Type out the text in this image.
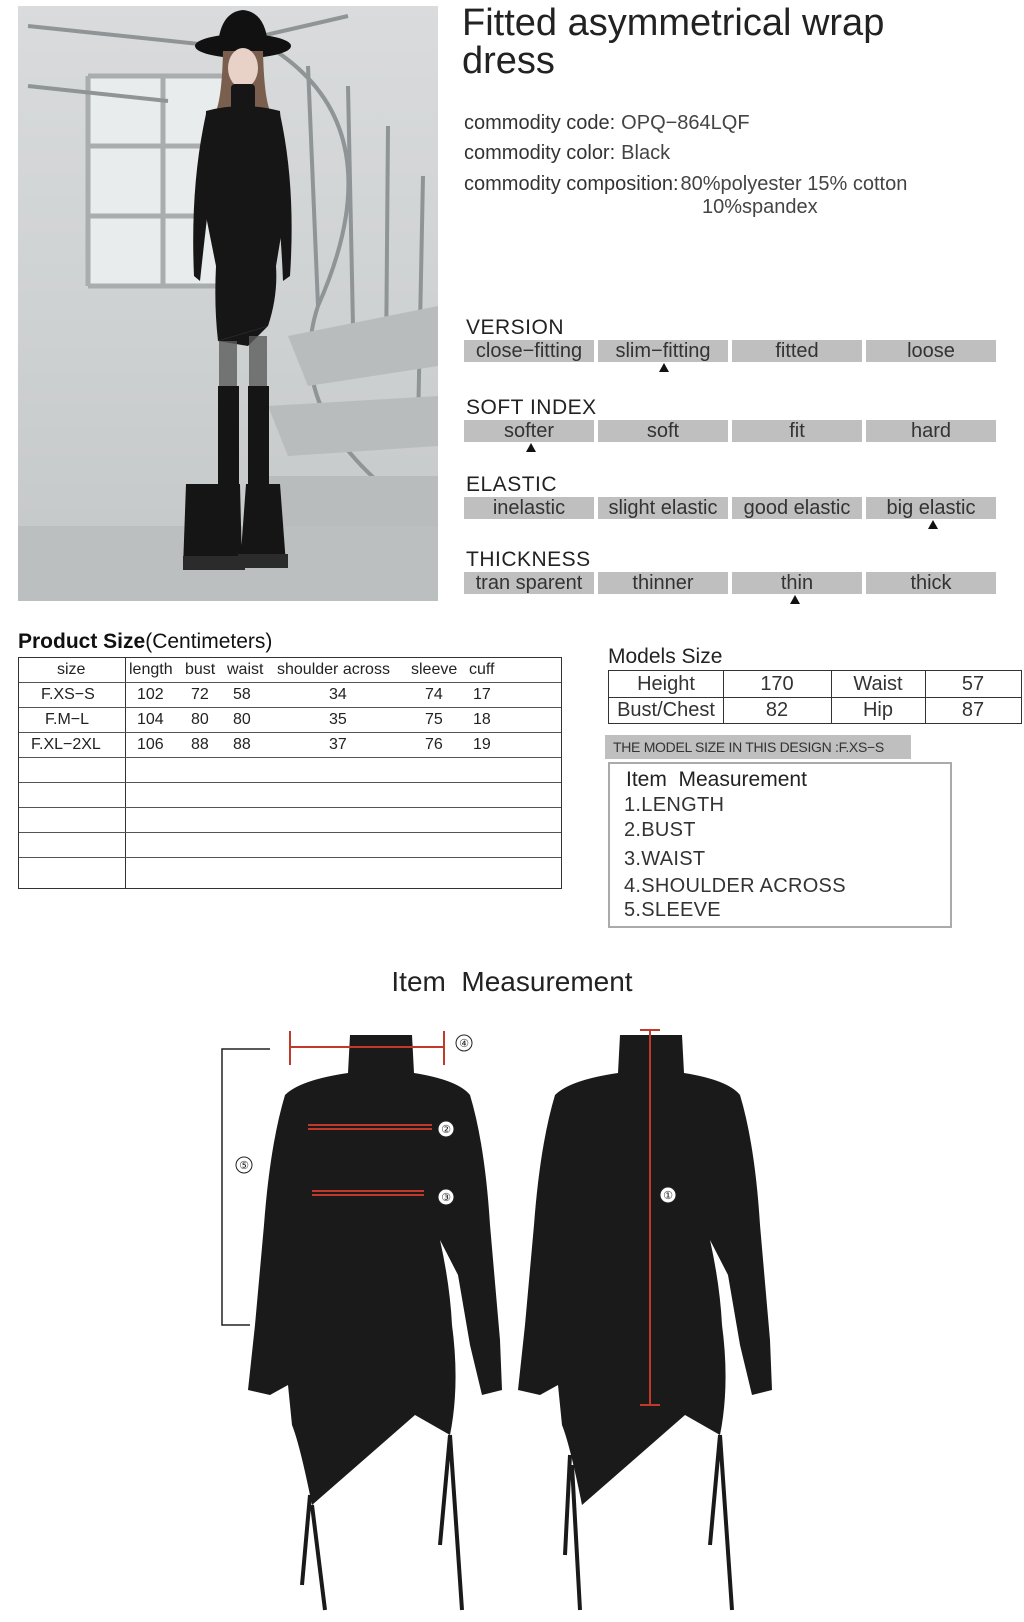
Fitted asymmetrical wrap dress
commodity code: OPQ−864LQF
commodity color: Black
commodity composition: 80%polyester 15% cotton
10%spandex
VERSION
close−fitting	slim−fitting	fitted	loose
SOFT INDEX
softer	soft	fit	hard
ELASTIC
inelastic	slight elastic	good elastic	big elastic
THICKNESS
tran sparent	thinner	thin	thick
Product Size(Centimeters)
size	length bust waist shoulder across sleeve cuff
F.XS−S	102 72 58	34	74 17
F.M−L	104 80 80	35	75 18
F.XL−2XL 106 88 88	37	76 19
Models Size
Height	170	Waist	57
Bust/Chest	82	Hip	87
THE MODEL SIZE IN THIS DESIGN :F.XS−S
Item  Measurement
1.LENGTH
2.BUST
3.WAIST
4.SHOULDER ACROSS
5.SLEEVE
Item  Measurement
④
②
③
⑤
①
